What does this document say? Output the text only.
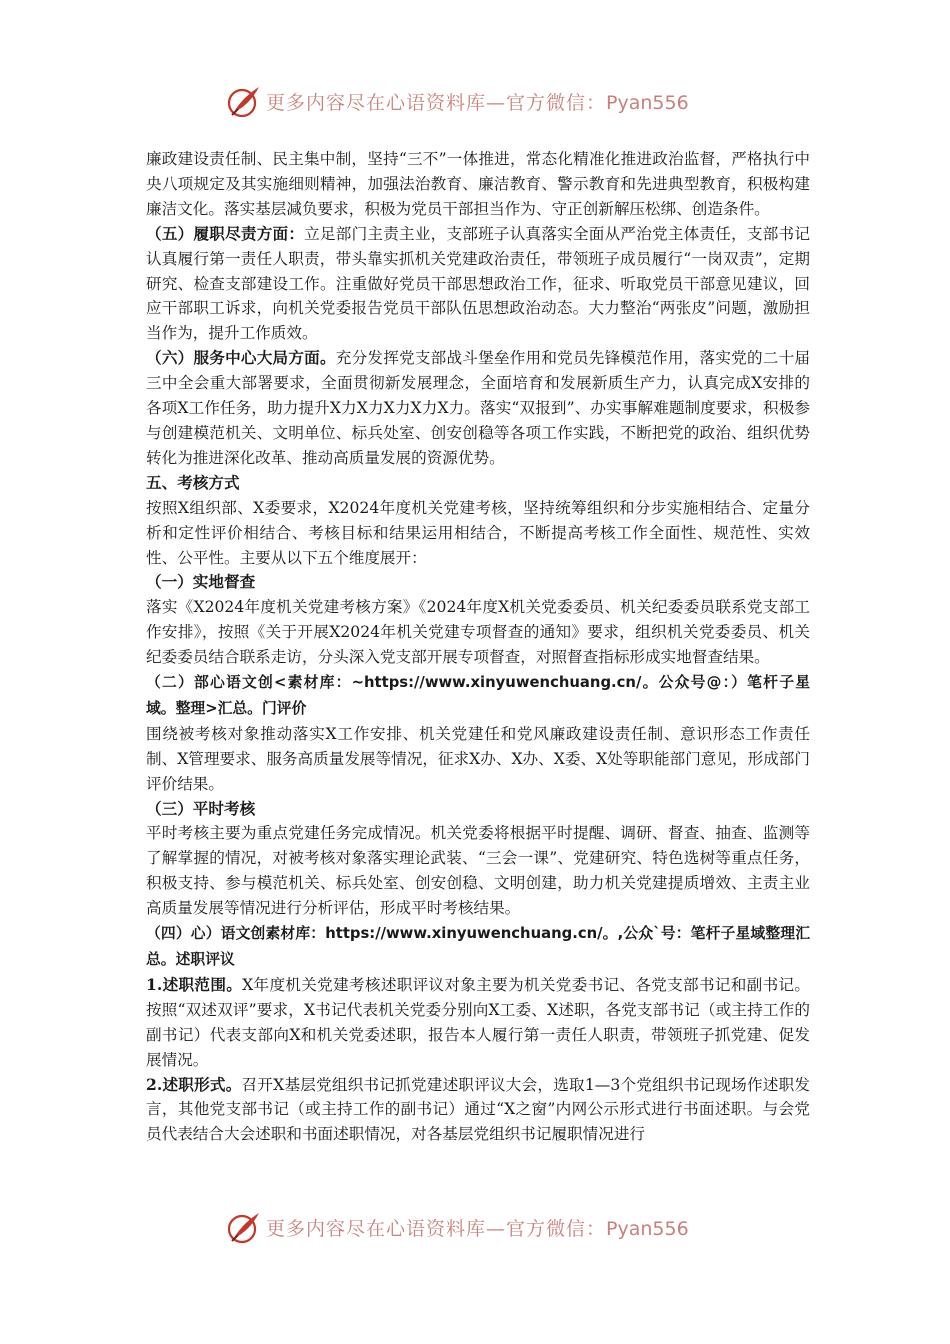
更多内容尽在心语资料库—官方微信：Pyan556

廉政建设责任制、民主集中制，坚持“三不”一体推进，常态化精准化推进政治监督，严格执行中央八项规定及其实施细则精神，加强法治教育、廉洁教育、警示教育和先进典型教育，积极构建廉洁文化。落实基层减负要求，积极为党员干部担当作为、守正创新解压松绑、创造条件。

（五）履职尽责方面：立足部门主责主业，支部班子认真落实全面从严治党主体责任，支部书记认真履行第一责任人职责，带头靠实抓机关党建政治责任，带领班子成员履行“一岗双责”，定期研究、检查支部建设工作。注重做好党员干部思想政治工作，征求、听取党员干部意见建议，回应干部职工诉求，向机关党委报告党员干部队伍思想政治动态。大力整治“两张皮”问题，激励担当作为，提升工作质效。

（六）服务中心大局方面。充分发挥党支部战斗堡垒作用和党员先锋模范作用，落实党的二十届三中全会重大部署要求，全面贯彻新发展理念，全面培育和发展新质生产力，认真完成X安排的各项X工作任务，助力提升X力X力X力X力X力。落实“双报到”、办实事解难题制度要求，积极参与创建模范机关、文明单位、标兵处室、创安创稳等各项工作实践，不断把党的政治、组织优势转化为推进深化改革、推动高质量发展的资源优势。

五、考核方式

按照X组织部、X委要求，X2024年度机关党建考核，坚持统筹组织和分步实施相结合、定量分析和定性评价相结合、考核目标和结果运用相结合，不断提高考核工作全面性、规范性、实效性、公平性。主要从以下五个维度展开：

（一）实地督查

落实《X2024年度机关党建考核方案》《2024年度X机关党委委员、机关纪委委员联系党支部工作安排》，按照《关于开展X2024年机关党建专项督查的通知》要求，组织机关党委委员、机关纪委委员结合联系走访，分头深入党支部开展专项督查，对照督查指标形成实地督查结果。

（二）部心语文创<素材库：~https://www.xinyuwenchuang.cn/。公众号@：）笔杆子星域。整理>汇总。门评价

围绕被考核对象推动落实X工作安排、机关党建任和党风廉政建设责任制、意识形态工作责任制、X管理要求、服务高质量发展等情况，征求X办、X办、X委、X处等职能部门意见，形成部门评价结果。

（三）平时考核

平时考核主要为重点党建任务完成情况。机关党委将根据平时提醒、调研、督查、抽查、监测等了解掌握的情况，对被考核对象落实理论武装、“三会一课”、党建研究、特色选树等重点任务，积极支持、参与模范机关、标兵处室、创安创稳、文明创建，助力机关党建提质增效、主责主业高质量发展等情况进行分析评估，形成平时考核结果。

（四）心）语文创素材库：https://www.xinyuwenchuang.cn/。,公众`号：笔杆子星域整理汇总。述职评议

1.述职范围。X年度机关党建考核述职评议对象主要为机关党委书记、各党支部书记和副书记。按照“双述双评”要求，X书记代表机关党委分别向X工委、X述职，各党支部书记（或主持工作的副书记）代表支部向X和机关党委述职，报告本人履行第一责任人职责，带领班子抓党建、促发展情况。

2.述职形式。召开X基层党组织书记抓党建述职评议大会，选取1—3个党组织书记现场作述职发言，其他党支部书记（或主持工作的副书记）通过“X之窗”内网公示形式进行书面述职。与会党员代表结合大会述职和书面述职情况，对各基层党组织书记履职情况进行

更多内容尽在心语资料库—官方微信：Pyan556
